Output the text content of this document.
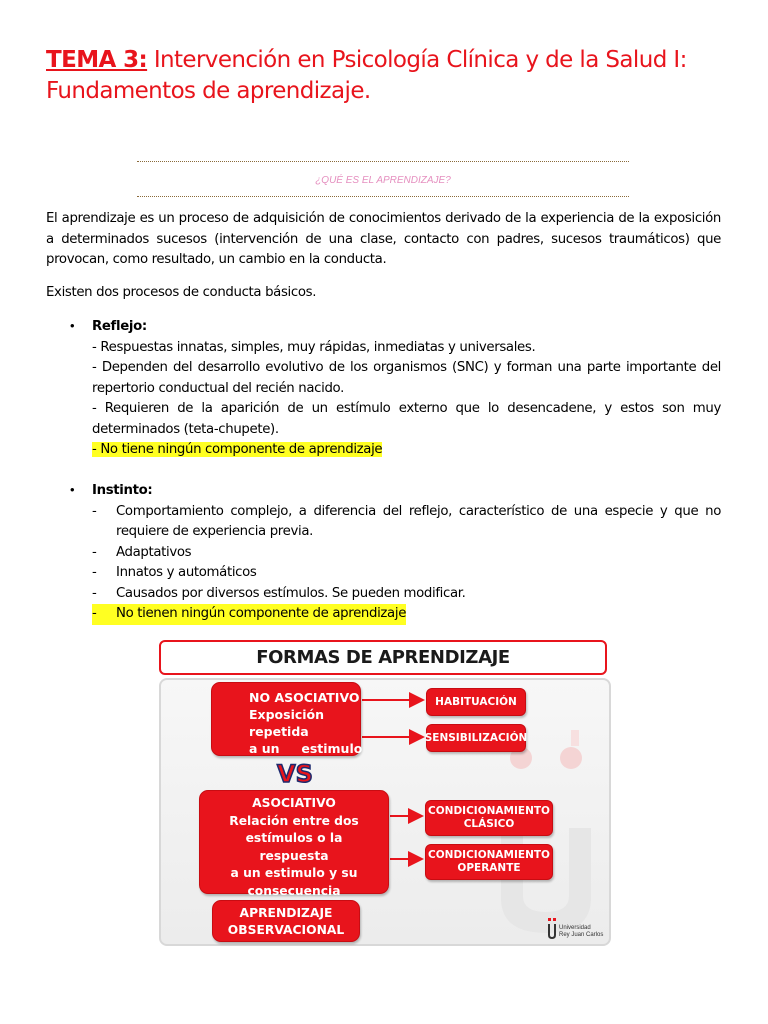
TEMA 3: Intervención en Psicología Clínica y de la Salud I: Fundamentos de aprendizaje.
¿QUÉ ES EL APRENDIZAJE?
El aprendizaje es un proceso de adquisición de conocimientos derivado de la experiencia de la exposición a determinados sucesos (intervención de una clase, contacto con padres, sucesos traumáticos) que provocan, como resultado, un cambio en la conducta.
Existen dos procesos de conducta básicos.
• Reflejo:
- Respuestas innatas, simples, muy rápidas, inmediatas y universales.
- Dependen del desarrollo evolutivo de los organismos (SNC) y forman una parte importante del repertorio conductual del recién nacido.
- Requieren de la aparición de un estímulo externo que lo desencadene, y estos son muy determinados (teta-chupete).
- No tiene ningún componente de aprendizaje
• Instinto:
-	Comportamiento complejo, a diferencia del reflejo, característico de una especie y que no requiere de experiencia previa.
-	Adaptativos
-	Innatos y automáticos
-	Causados por diversos estímulos. Se pueden modificar.
- No tienen ningún componente de aprendizaje
FORMAS DE APRENDIZAJE
NO ASOCIATIVO
Exposición repetida
a un     estimulo
HABITUACIÓN
SENSIBILIZACIÓN
VS
ASOCIATIVO
Relación entre dos
estímulos o la
respuesta
a un estimulo y su
consecuencia
CONDICIONAMIENTO
CLÁSICO
CONDICIONAMIENTO
OPERANTE
APRENDIZAJE
OBSERVACIONAL	Universidad
Rey Juan Carlos
